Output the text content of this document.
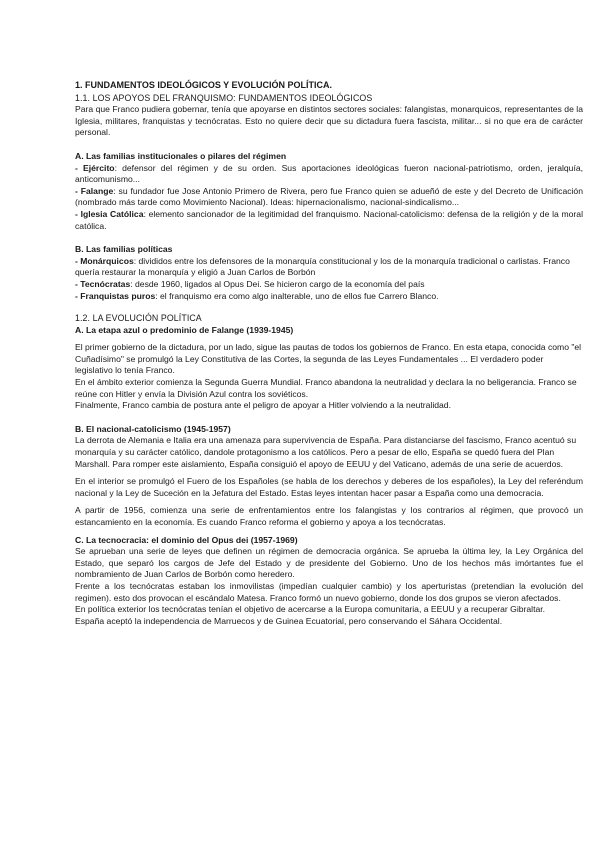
1. FUNDAMENTOS IDEOLÓGICOS Y EVOLUCIÓN POLÍTICA.

1.1. LOS APOYOS DEL FRANQUISMO: FUNDAMENTOS IDEOLÓGICOS

Para que Franco pudiera gobernar, tenía que apoyarse en distintos sectores sociales: falangistas, monarquicos, representantes de la Iglesia, militares, franquistas y tecnócratas. Esto no quiere decir que su dictadura fuera fascista, militar... si no que era de carácter personal.

A. Las familias institucionales o pilares del régimen

- Ejército: defensor del régimen y de su orden. Sus aportaciones ideológicas fueron nacional-patriotismo, orden, jeralquía, anticomunismo...

- Falange: su fundador fue Jose Antonio Primero de Rivera, pero fue Franco quien se adueñó de este y del Decreto de Unificación (nombrado más tarde como Movimiento Nacional). Ideas: hipernacionalismo, nacional-sindicalismo...

- Iglesia Católica: elemento sancionador de la legitimidad del franquismo. Nacional-catolicismo: defensa de la religión y de la moral católica.

B. Las familias políticas

- Monárquicos: divididos entre los defensores de la monarquía constitucional y los de la monarquía tradicional o carlistas. Franco quería restaurar la monarquía y eligió a Juan Carlos de Borbón

- Tecnócratas: desde 1960, ligados al Opus Dei. Se hicieron cargo de la economía del país

- Franquistas puros: el franquismo era como algo inalterable, uno de ellos fue Carrero Blanco.

1.2. LA EVOLUCIÓN POLÍTICA

A. La etapa azul o predominio de Falange (1939-1945)

El primer gobierno de la dictadura, por un lado, sigue las pautas de todos los gobiernos de Franco. En esta etapa, conocida como "el Cuñadísimo" se promulgó la Ley Constitutiva de las Cortes, la segunda de las Leyes Fundamentales ... El verdadero poder legislativo lo tenía Franco.

En el ámbito exterior comienza la Segunda Guerra Mundial. Franco abandona la neutralidad y declara la no beligerancia. Franco se reúne con Hitler y envía la División Azul contra los soviéticos.

Finalmente, Franco cambia de postura ante el peligro de apoyar a Hitler volviendo a la neutralidad.

B. El nacional-catolicismo (1945-1957)

La derrota de Alemania e Italia era una amenaza para supervivencia de España. Para distanciarse del fascismo, Franco acentuó su monarquía y su carácter católico, dandole protagonismo a los católicos. Pero a pesar de ello, España se quedó fuera del Plan Marshall. Para romper este aislamiento, España consiguió el apoyo de EEUU y del Vaticano, además de una serie de acuerdos.

En el interior se promulgó el Fuero de los Españoles (se habla de los derechos y deberes de los españoles), la Ley del referéndum nacional y la Ley de Suceción en la Jefatura del Estado. Estas leyes intentan hacer pasar a España como una democracia.

A partir de 1956, comienza una serie de enfrentamientos entre los falangistas y los contrarios al régimen, que provocó un estancamiento en la economía. Es cuando Franco reforma el gobierno y apoya a los tecnócratas.

C. La tecnocracia: el dominio del Opus dei (1957-1969)

Se aprueban una serie de leyes que definen un régimen de democracia orgánica. Se aprueba la última ley, la Ley Orgánica del Estado, que separó los cargos de Jefe del Estado y de presidente del Gobierno. Uno de los hechos más imórtantes fue el nombramiento de Juan Carlos de Borbón como heredero.

Frente a los tecnócratas estaban los inmovilistas (impedían cualquier cambio) y los aperturistas (pretendian la evolución del regimen). esto dos provocan el escándalo Matesa. Franco formó un nuevo gobierno, donde los dos grupos se vieron afectados.

En política exterior los tecnócratas tenían el objetivo de acercarse a la Europa comunitaria, a EEUU y a recuperar Gibraltar.

España aceptó la independencia de Marruecos y de Guinea Ecuatorial, pero conservando el Sáhara Occidental.
